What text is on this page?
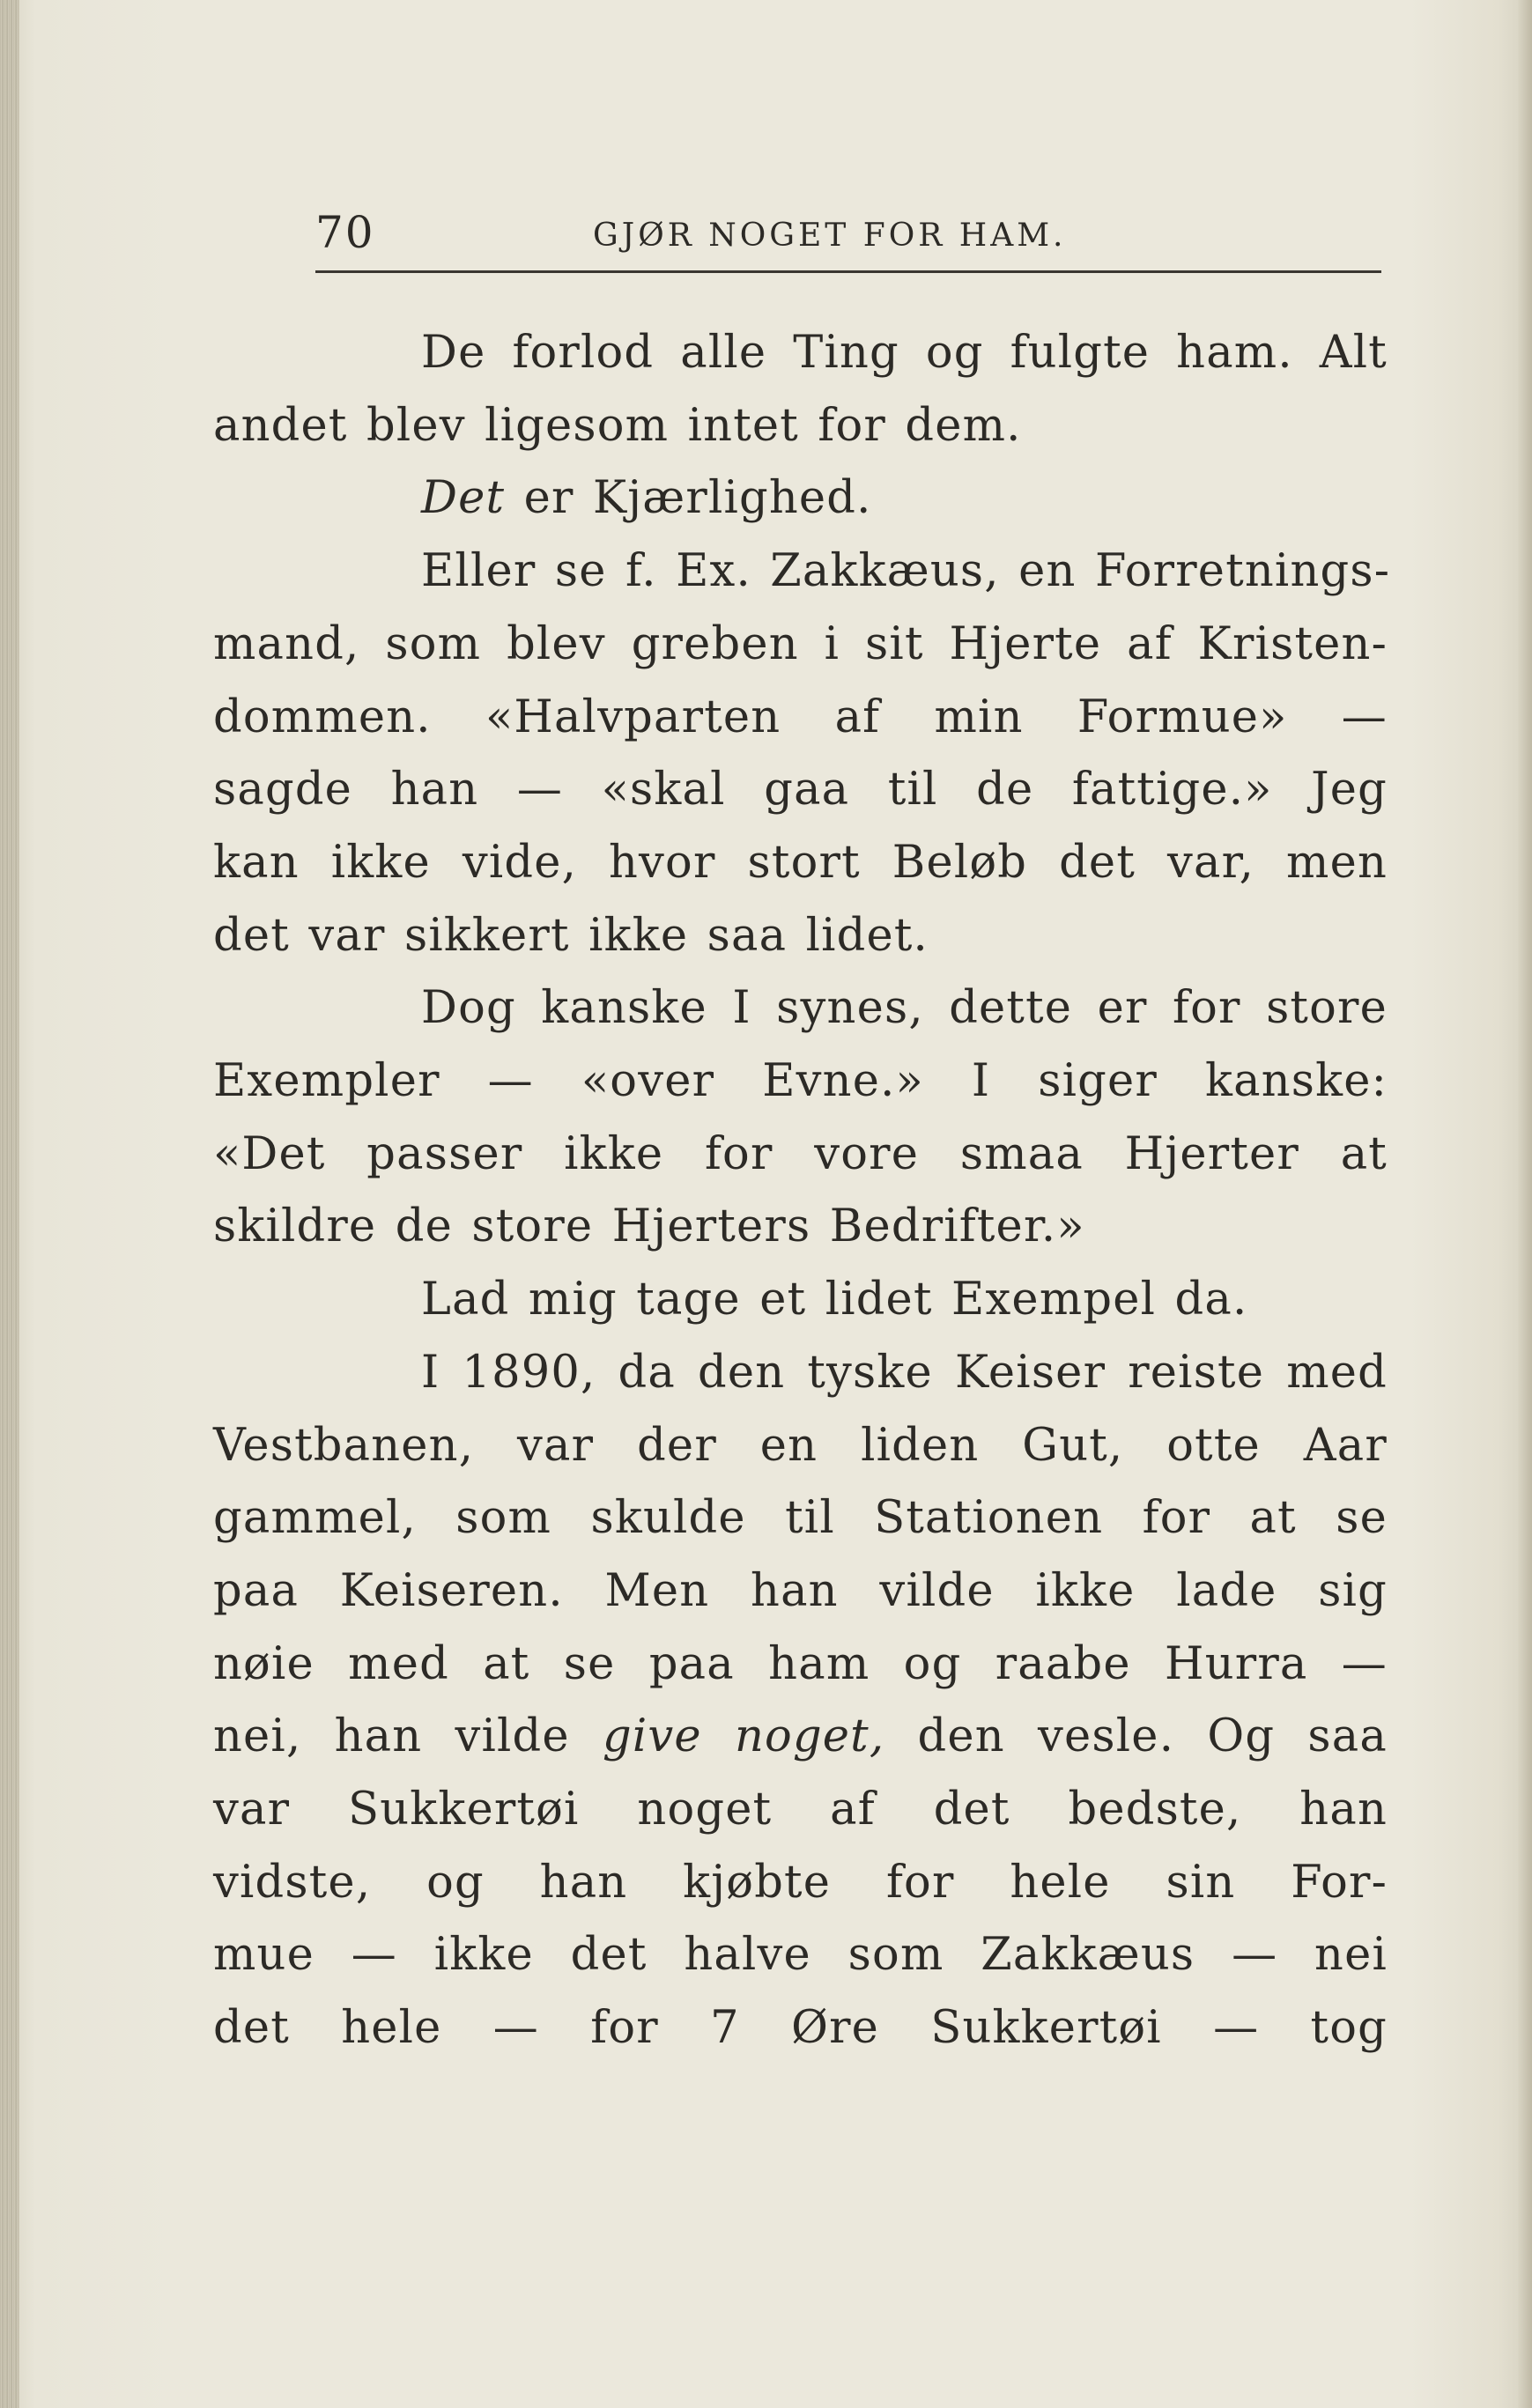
70	GJØR NOGET FOR HAM.

De forlod alle Ting og fulgte ham. Alt
andet blev ligesom intet for dem.

Det er Kjærlighed.

Eller se f. Ex. Zakkæus, en Forretnings-
mand, som blev greben i sit Hjerte af Kristen-
dommen. «Halvparten af min Formue» —
sagde han — «skal gaa til de fattige.» Jeg
kan ikke vide, hvor stort Beløb det var, men
det var sikkert ikke saa lidet.

Dog kanske I synes, dette er for store
Exempler — «over Evne.» I siger kanske:
«Det passer ikke for vore smaa Hjerter at
skildre de store Hjerters Bedrifter.»

Lad mig tage et lidet Exempel da.

I 1890, da den tyske Keiser reiste med
Vestbanen, var der en liden Gut, otte Aar
gammel, som skulde til Stationen for at se
paa Keiseren. Men han vilde ikke lade sig
nøie med at se paa ham og raabe Hurra —
nei, han vilde give noget, den vesle. Og saa
var Sukkertøi noget af det bedste, han
vidste, og han kjøbte for hele sin For-
mue — ikke det halve som Zakkæus — nei
det hele — for 7 Øre Sukkertøi — tog
